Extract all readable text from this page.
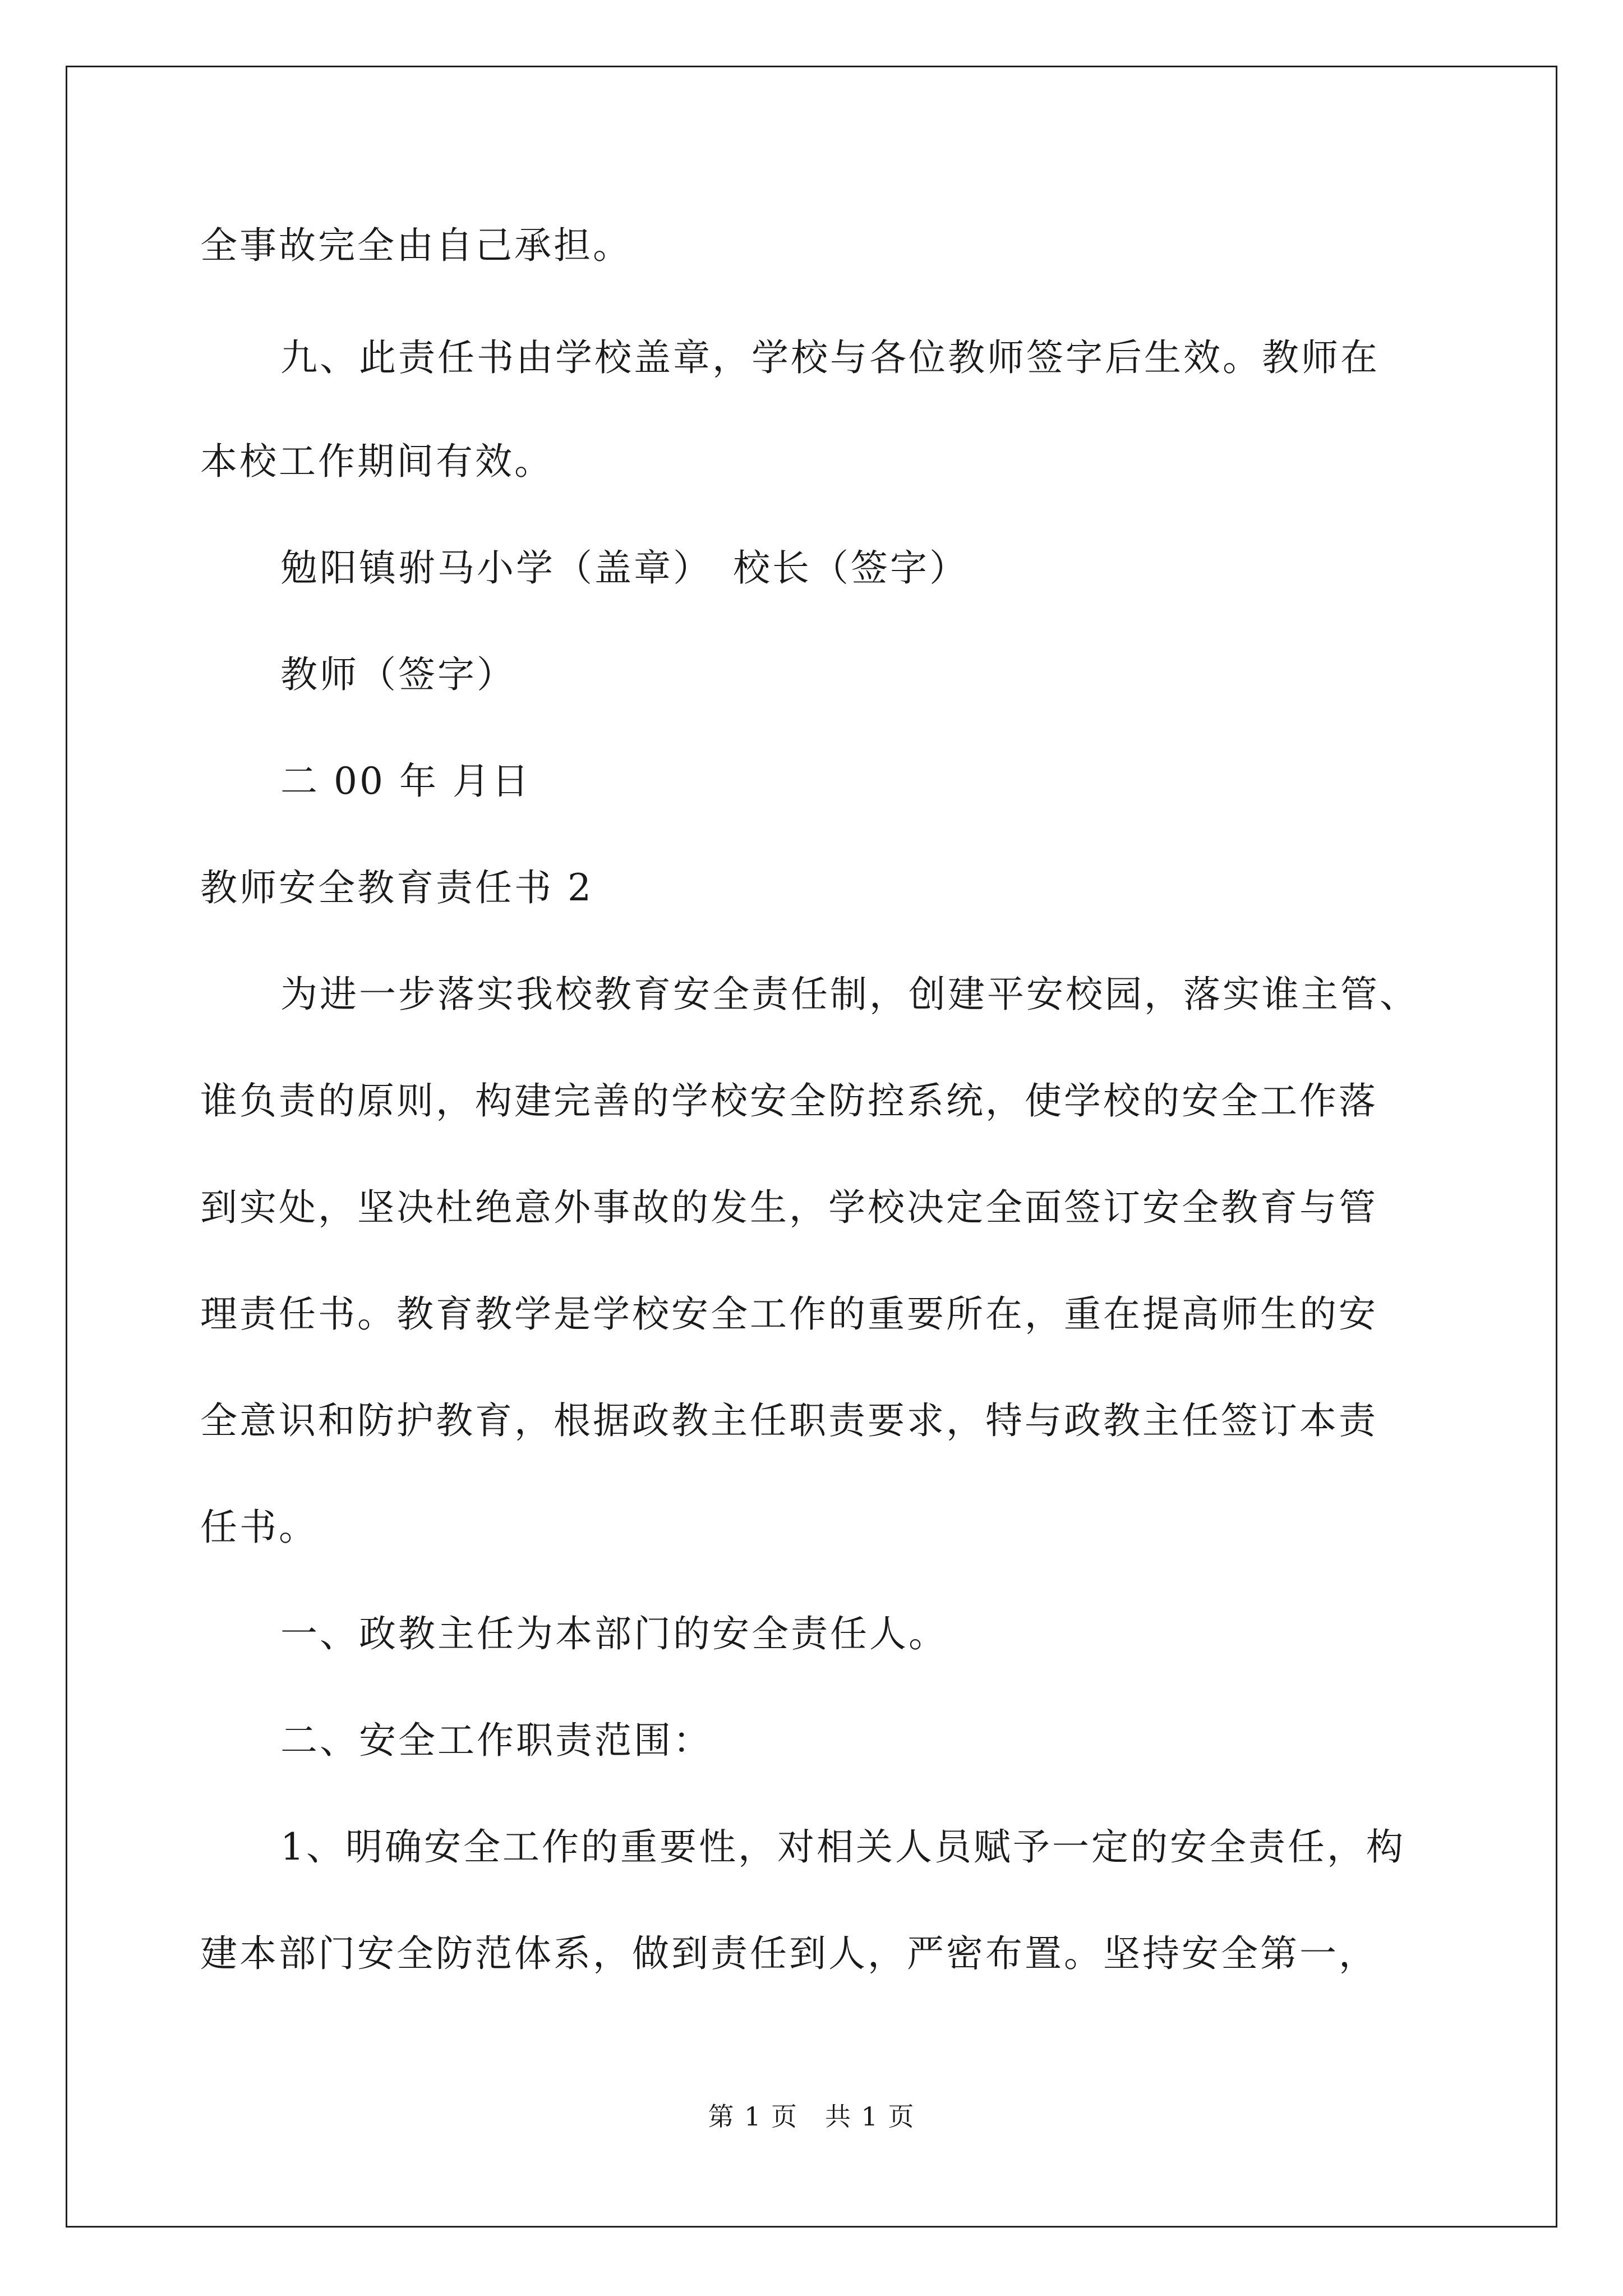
全事故完全由自己承担。
九、此责任书由学校盖章，学校与各位教师签字后生效。教师在
本校工作期间有效。
勉阳镇驸马小学（盖章）　校长（签字）
教师（签字）
二 00 年 月日
教师安全教育责任书 2
为进一步落实我校教育安全责任制，创建平安校园，落实谁主管、
谁负责的原则，构建完善的学校安全防控系统，使学校的安全工作落
到实处，坚决杜绝意外事故的发生，学校决定全面签订安全教育与管
理责任书。教育教学是学校安全工作的重要所在，重在提高师生的安
全意识和防护教育，根据政教主任职责要求，特与政教主任签订本责
任书。
一、政教主任为本部门的安全责任人。
二、安全工作职责范围：
1、明确安全工作的重要性，对相关人员赋予一定的安全责任，构
建本部门安全防范体系，做到责任到人，严密布置。坚持安全第一，
第 1 页　共 1 页
